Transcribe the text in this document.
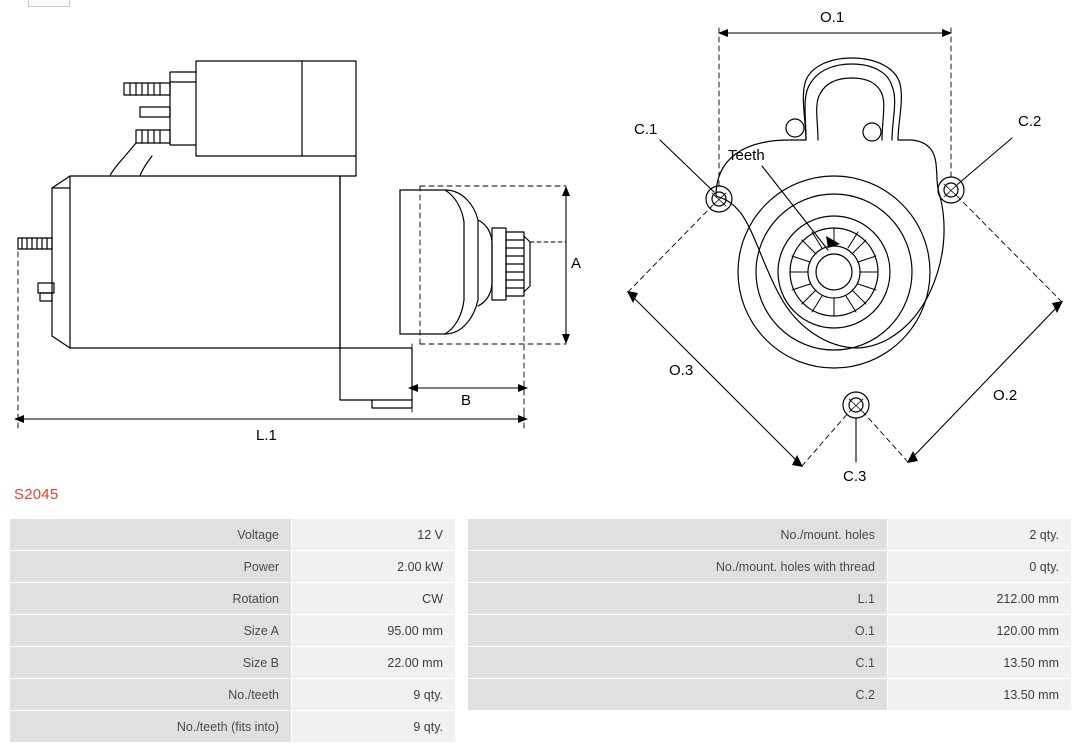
A
B
L.1
O.1
O.2
O.3
C.1	C.2
C.3
Teeth
S2045
Voltage	12 V		No./mount. holes	2 qty.
Power	2.00 kW		No./mount. holes with thread	0 qty.
Rotation	CW		L.1	212.00 mm
Size A	95.00 mm		O.1	120.00 mm
Size B	22.00 mm		C.1	13.50 mm
No./teeth	9 qty.		C.2	13.50 mm
No./teeth (fits into)	9 qty.			
